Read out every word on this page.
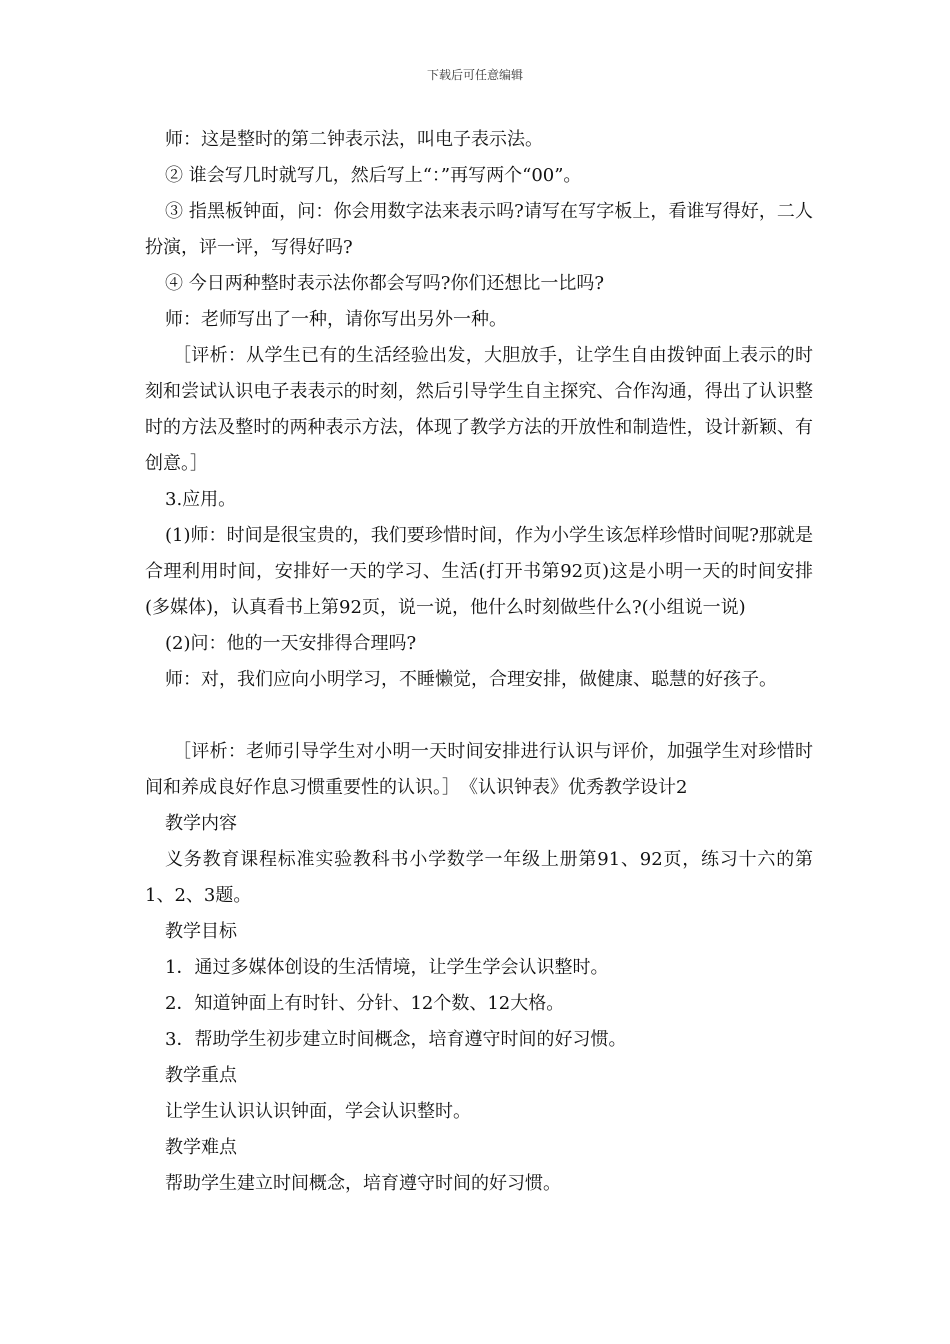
下载后可任意编辑

师：这是整时的第二钟表示法，叫电子表示法。

② 谁会写几时就写几，然后写上“：”再写两个“00”。

③ 指黑板钟面，问：你会用数字法来表示吗?请写在写字板上，看谁写得好，二人扮演，评一评，写得好吗?

④ 今日两种整时表示法你都会写吗?你们还想比一比吗?

师：老师写出了一种，请你写出另外一种。

［评析：从学生已有的生活经验出发，大胆放手，让学生自由拨钟面上表示的时刻和尝试认识电子表表示的时刻，然后引导学生自主探究、合作沟通，得出了认识整时的方法及整时的两种表示方法，体现了教学方法的开放性和制造性，设计新颖、有创意。］

3.应用。

(1)师：时间是很宝贵的，我们要珍惜时间，作为小学生该怎样珍惜时间呢?那就是合理利用时间，安排好一天的学习、生活(打开书第92页)这是小明一天的时间安排(多媒体)，认真看书上第92页，说一说，他什么时刻做些什么?(小组说一说)

(2)问：他的一天安排得合理吗?

师：对，我们应向小明学习，不睡懒觉，合理安排，做健康、聪慧的好孩子。

［评析：老师引导学生对小明一天时间安排进行认识与评价，加强学生对珍惜时间和养成良好作息习惯重要性的认识。］　《认识钟表》优秀教学设计2

教学内容

义务教育课程标准实验教科书小学数学一年级上册第91、92页，练习十六的第1、2、3题。

教学目标

1．通过多媒体创设的生活情境，让学生学会认识整时。

2．知道钟面上有时针、分针、12个数、12大格。

3．帮助学生初步建立时间概念，培育遵守时间的好习惯。

教学重点

让学生认识认识钟面，学会认识整时。

教学难点

帮助学生建立时间概念，培育遵守时间的好习惯。
